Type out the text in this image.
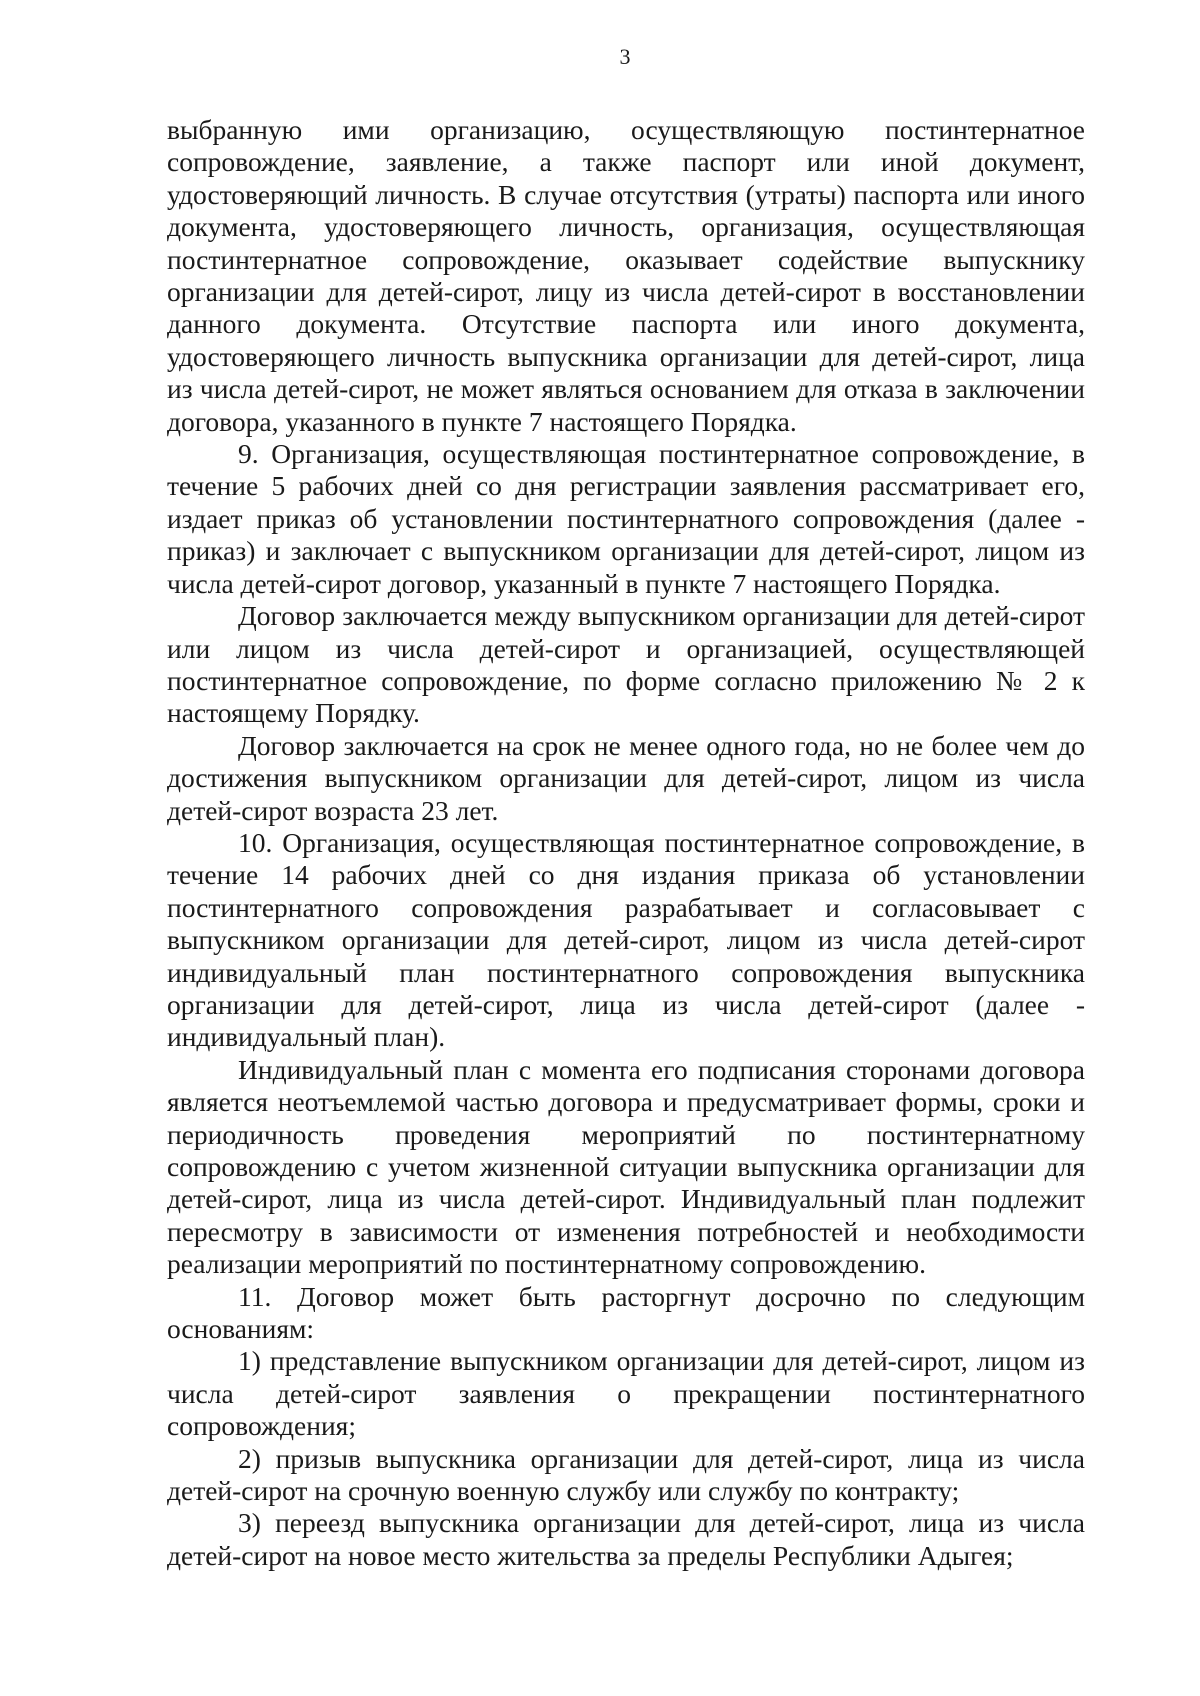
3

выбранную ими организацию, осуществляющую постинтернатное сопровождение, заявление, а также паспорт или иной документ, удостоверяющий личность. В случае отсутствия (утраты) паспорта или иного документа, удостоверяющего личность, организация, осуществляющая постинтернатное сопровождение, оказывает содействие выпускнику организации для детей-сирот, лицу из числа детей-сирот в восстановлении данного документа. Отсутствие паспорта или иного документа, удостоверяющего личность выпускника организации для детей-сирот, лица из числа детей-сирот, не может являться основанием для отказа в заключении договора, указанного в пункте 7 настоящего Порядка.

9. Организация, осуществляющая постинтернатное сопровождение, в течение 5 рабочих дней со дня регистрации заявления рассматривает его, издает приказ об установлении постинтернатного сопровождения (далее - приказ) и заключает с выпускником организации для детей-сирот, лицом из числа детей-сирот договор, указанный в пункте 7 настоящего Порядка.

Договор заключается между выпускником организации для детей-сирот или лицом из числа детей-сирот и организацией, осуществляющей постинтернатное сопровождение, по форме согласно приложению № 2 к настоящему Порядку.

Договор заключается на срок не менее одного года, но не более чем до достижения выпускником организации для детей-сирот, лицом из числа детей-сирот возраста 23 лет.

10. Организация, осуществляющая постинтернатное сопровождение, в течение 14 рабочих дней со дня издания приказа об установлении постинтернатного сопровождения разрабатывает и согласовывает с выпускником организации для детей-сирот, лицом из числа детей-сирот индивидуальный план постинтернатного сопровождения выпускника организации для детей-сирот, лица из числа детей-сирот (далее - индивидуальный план).

Индивидуальный план с момента его подписания сторонами договора является неотъемлемой частью договора и предусматривает формы, сроки и периодичность проведения мероприятий по постинтернатному сопровождению с учетом жизненной ситуации выпускника организации для детей-сирот, лица из числа детей-сирот. Индивидуальный план подлежит пересмотру в зависимости от изменения потребностей и необходимости реализации мероприятий по постинтернатному сопровождению.

11. Договор может быть расторгнут досрочно по следующим основаниям:

1) представление выпускником организации для детей-сирот, лицом из числа детей-сирот заявления о прекращении постинтернатного сопровождения;

2) призыв выпускника организации для детей-сирот, лица из числа детей-сирот на срочную военную службу или службу по контракту;

3) переезд выпускника организации для детей-сирот, лица из числа детей-сирот на новое место жительства за пределы Республики Адыгея;
